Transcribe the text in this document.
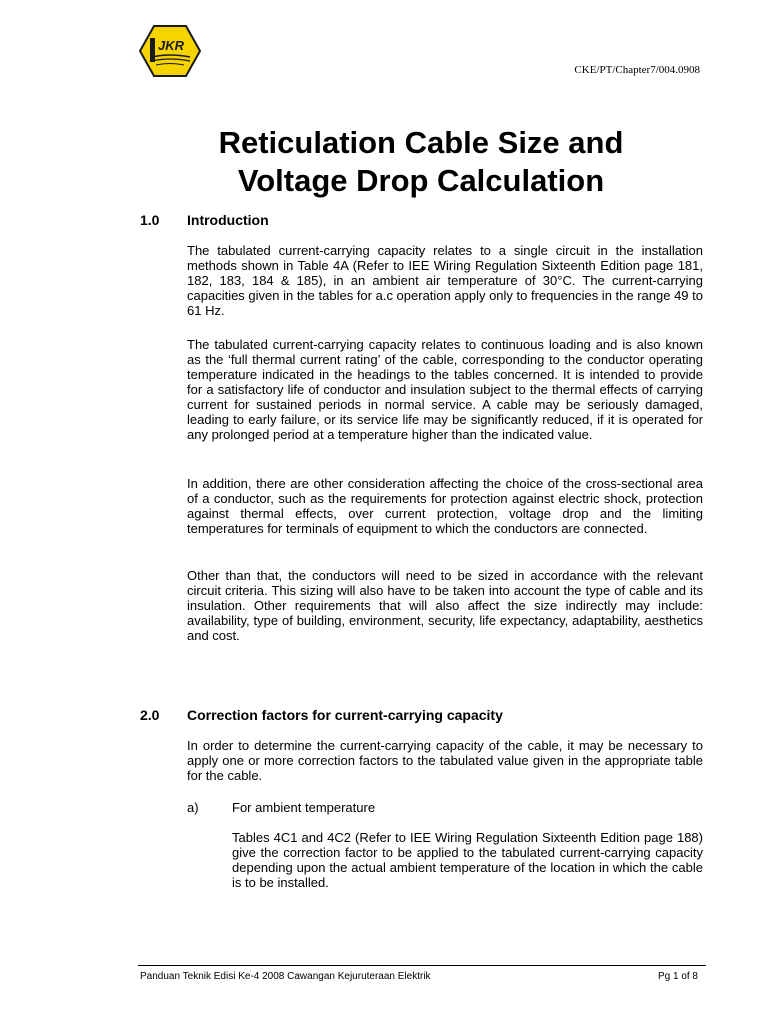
JKR
CKE/PT/Chapter7/004.0908
Reticulation Cable Size and
Voltage Drop Calculation
1.0 Introduction

The tabulated current-carrying capacity relates to a single circuit in the installation methods shown in Table 4A (Refer to IEE Wiring Regulation Sixteenth Edition page 181, 182, 183, 184 & 185), in an ambient air temperature of 30°C. The current-carrying capacities given in the tables for a.c operation apply only to frequencies in the range 49 to 61 Hz.

The tabulated current-carrying capacity relates to continuous loading and is also known as the ‘full thermal current rating’ of the cable, corresponding to the conductor operating temperature indicated in the headings to the tables concerned. It is intended to provide for a satisfactory life of conductor and insulation subject to the thermal effects of carrying current for sustained periods in normal service. A cable may be seriously damaged, leading to early failure, or its service life may be significantly reduced, if it is operated for any prolonged period at a temperature higher than the indicated value.

In addition, there are other consideration affecting the choice of the cross-sectional area of a conductor, such as the requirements for protection against electric shock, protection against thermal effects, over current protection, voltage drop and the limiting temperatures for terminals of equipment to which the conductors are connected.

Other than that, the conductors will need to be sized in accordance with the relevant circuit criteria. This sizing will also have to be taken into account the type of cable and its insulation. Other requirements that will also affect the size indirectly may include: availability, type of building, environment, security, life expectancy, adaptability, aesthetics and cost.

2.0 Correction factors for current-carrying capacity

In order to determine the current-carrying capacity of the cable, it may be necessary to apply one or more correction factors to the tabulated value given in the appropriate table for the cable.

a)	For ambient temperature

Tables 4C1 and 4C2 (Refer to IEE Wiring Regulation Sixteenth Edition page 188) give the correction factor to be applied to the tabulated current-carrying capacity depending upon the actual ambient temperature of the location in which the cable is to be installed.

Panduan Teknik Edisi Ke-4 2008 Cawangan Kejuruteraan Elektrik	Pg 1 of 8
